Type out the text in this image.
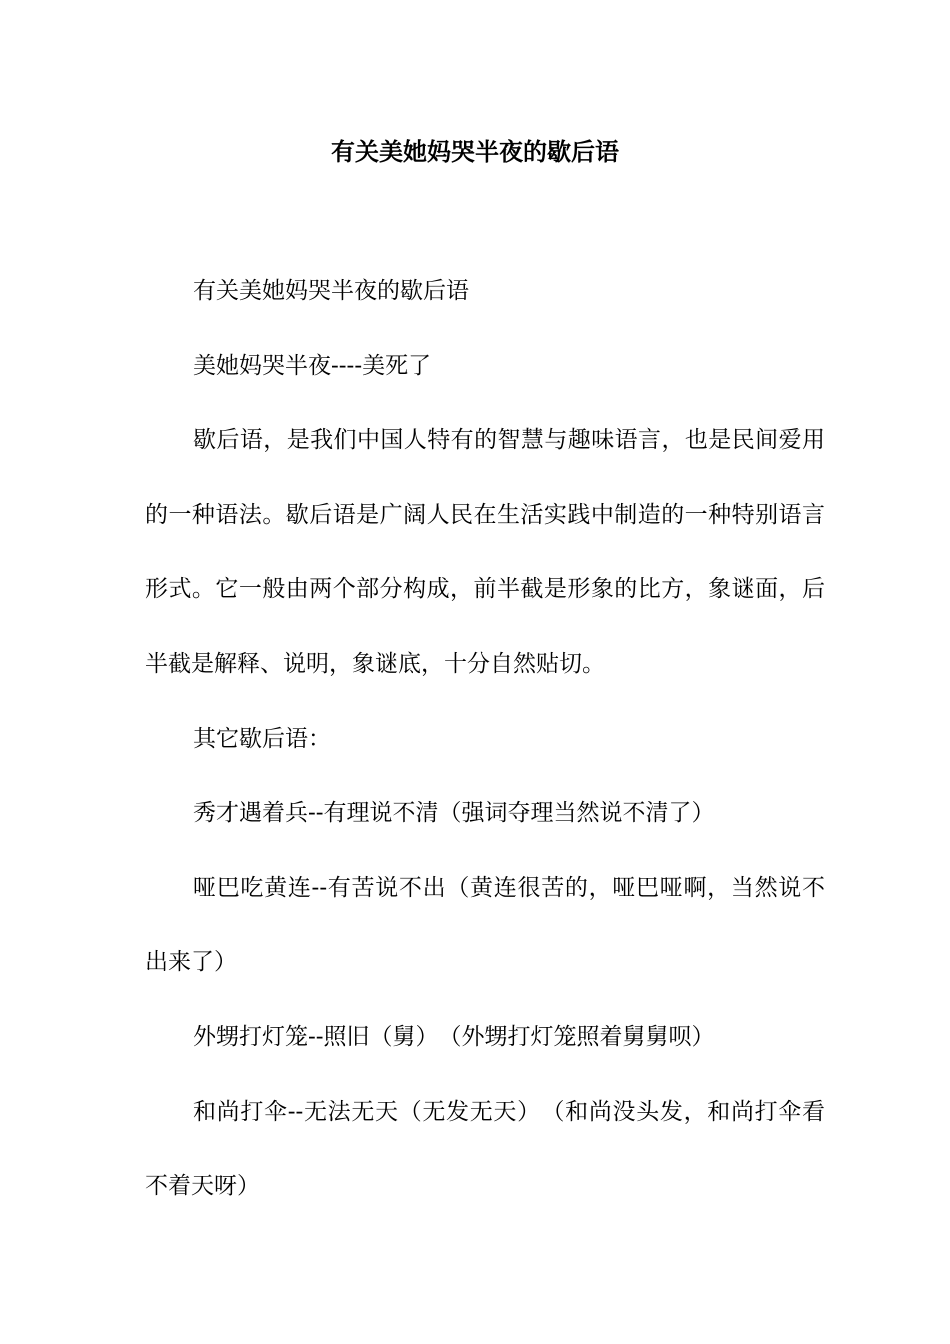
有关美她妈哭半夜的歇后语

有关美她妈哭半夜的歇后语

美她妈哭半夜----美死了

歇后语，是我们中国人特有的智慧与趣味语言，也是民间爱用的一种语法。歇后语是广阔人民在生活实践中制造的一种特别语言形式。它一般由两个部分构成，前半截是形象的比方，象谜面，后半截是解释、说明，象谜底，十分自然贴切。

其它歇后语：

秀才遇着兵--有理说不清（强词夺理当然说不清了）

哑巴吃黄连--有苦说不出（黄连很苦的，哑巴哑啊，当然说不出来了）

外甥打灯笼--照旧（舅）　（外甥打灯笼照着舅舅呗）

和尚打伞--无法无天（无发无天）　（和尚没头发，和尚打伞看不着天呀）
